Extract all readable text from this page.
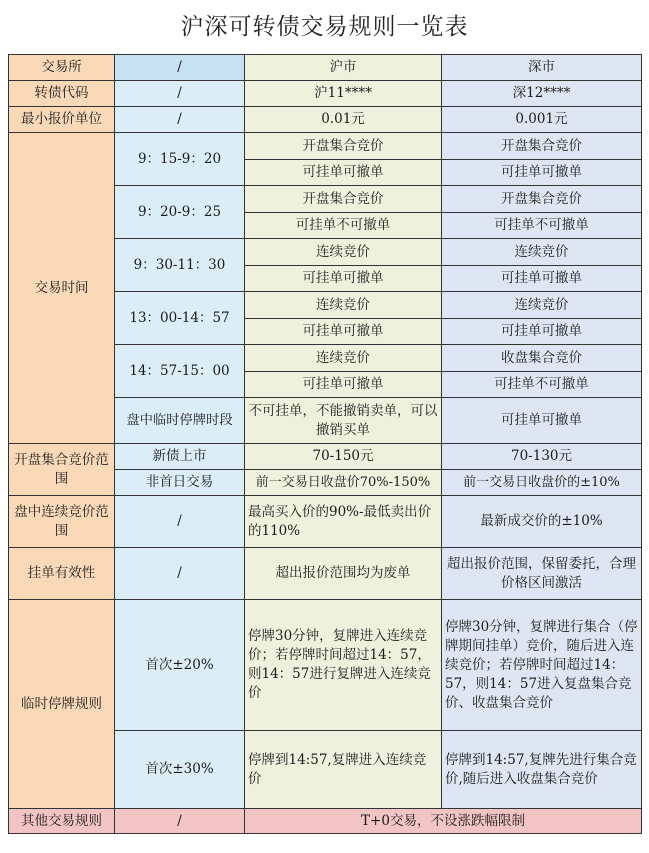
沪深可转债交易规则一览表
交易所	/	沪市	深市
转债代码	/	沪11****	深12****
最小报价单位	/	0.01元	0.001元
交易时间	9：15-9：20	开盘集合竞价	开盘集合竞价
		可挂单可撤单	可挂单可撤单
	9：20-9：25	开盘集合竞价	开盘集合竞价
		可挂单不可撤单	可挂单不可撤单
	9：30-11：30	连续竞价	连续竞价
		可挂单可撤单	可挂单可撤单
	13：00-14：57	连续竞价	连续竞价
		可挂单可撤单	可挂单可撤单
	14：57-15：00	连续竞价	收盘集合竞价
		可挂单可撤单	可挂单不可撤单
	盘中临时停牌时段	不可挂单，不能撤销卖单，可以撤销买单	可挂单可撤单

开盘集合竞价范围	新债上市	70-150元	70-130元
	非首日交易	前一交易日收盘价70%-150%	前一交易日收盘价的±10%
盘中连续竞价范围	/	最高买入价的90%-最低卖出价的110%	最新成交价的±10%
挂单有效性	/	超出报价范围均为废单	超出报价范围，保留委托，合理价格区间激活
临时停牌规则	首次±20%	停牌30分钟，复牌进入连续竞价；若停牌时间超过14：57，则14：57进行复牌进入连续竞价	停牌30分钟，复牌进行集合（停牌期间挂单）竞价，随后进入连续竞价；若停牌时间超过14：57，则14：57进入复盘集合竞价、收盘集合竞价
	首次±30%	停牌到14:57,复牌进入连续竞价	停牌到14:57,复牌先进行集合竞价,随后进入收盘集合竞价
其他交易规则	/	T+0交易，不设涨跌幅限制	
